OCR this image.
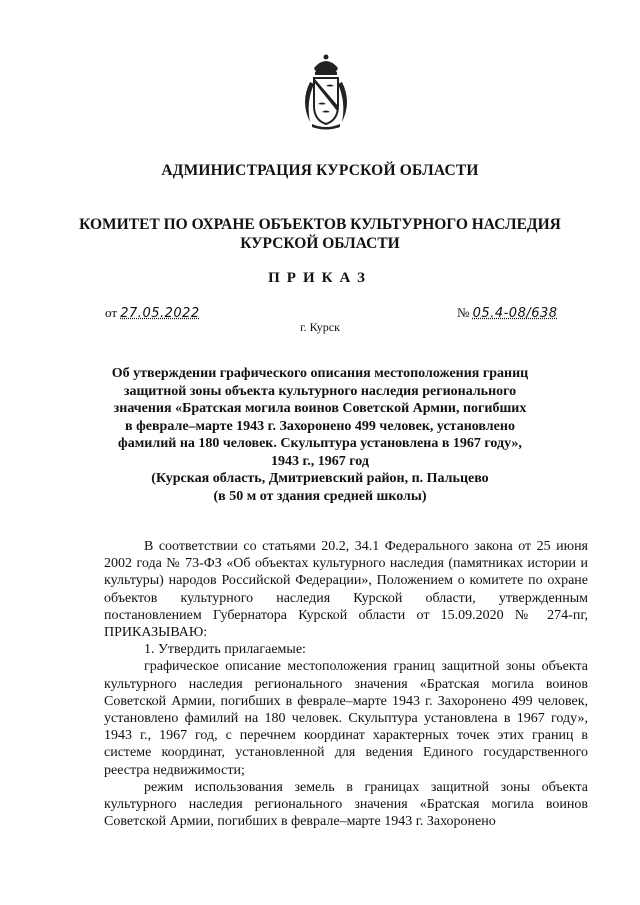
АДМИНИСТРАЦИЯ КУРСКОЙ ОБЛАСТИ
КОМИТЕТ ПО ОХРАНЕ ОБЪЕКТОВ КУЛЬТУРНОГО НАСЛЕДИЯ
КУРСКОЙ ОБЛАСТИ
ПРИКАЗ
от 27.05.2022	№ 05.4-08/638
г. Курск
Об утверждении графического описания местоположения границ
защитной зоны объекта культурного наследия регионального
значения «Братская могила воинов Советской Армии, погибших
в феврале–марте 1943 г. Захоронено 499 человек, установлено
фамилий на 180 человек. Скульптура установлена в 1967 году»,
1943 г., 1967 год
(Курская область, Дмитриевский район, п. Пальцево
(в 50 м от здания средней школы)

В соответствии со статьями 20.2, 34.1 Федерального закона от 25 июня 2002 года № 73-ФЗ «Об объектах культурного наследия (памятниках истории и культуры) народов Российской Федерации», Положением о комитете по охране объектов культурного наследия Курской области, утвержденным постановлением Губернатора Курской области от 15.09.2020 № 274-пг, ПРИКАЗЫВАЮ:

1. Утвердить прилагаемые:

графическое описание местоположения границ защитной зоны объекта культурного наследия регионального значения «Братская могила воинов Советской Армии, погибших в феврале–марте 1943 г. Захоронено 499 человек, установлено фамилий на 180 человек. Скульптура установлена в 1967 году», 1943 г., 1967 год, с перечнем координат характерных точек этих границ в системе координат, установленной для ведения Единого государственного реестра недвижимости;

режим использования земель в границах защитной зоны объекта культурного наследия регионального значения «Братская могила воинов Советской Армии, погибших в феврале–марте 1943 г. Захоронено
